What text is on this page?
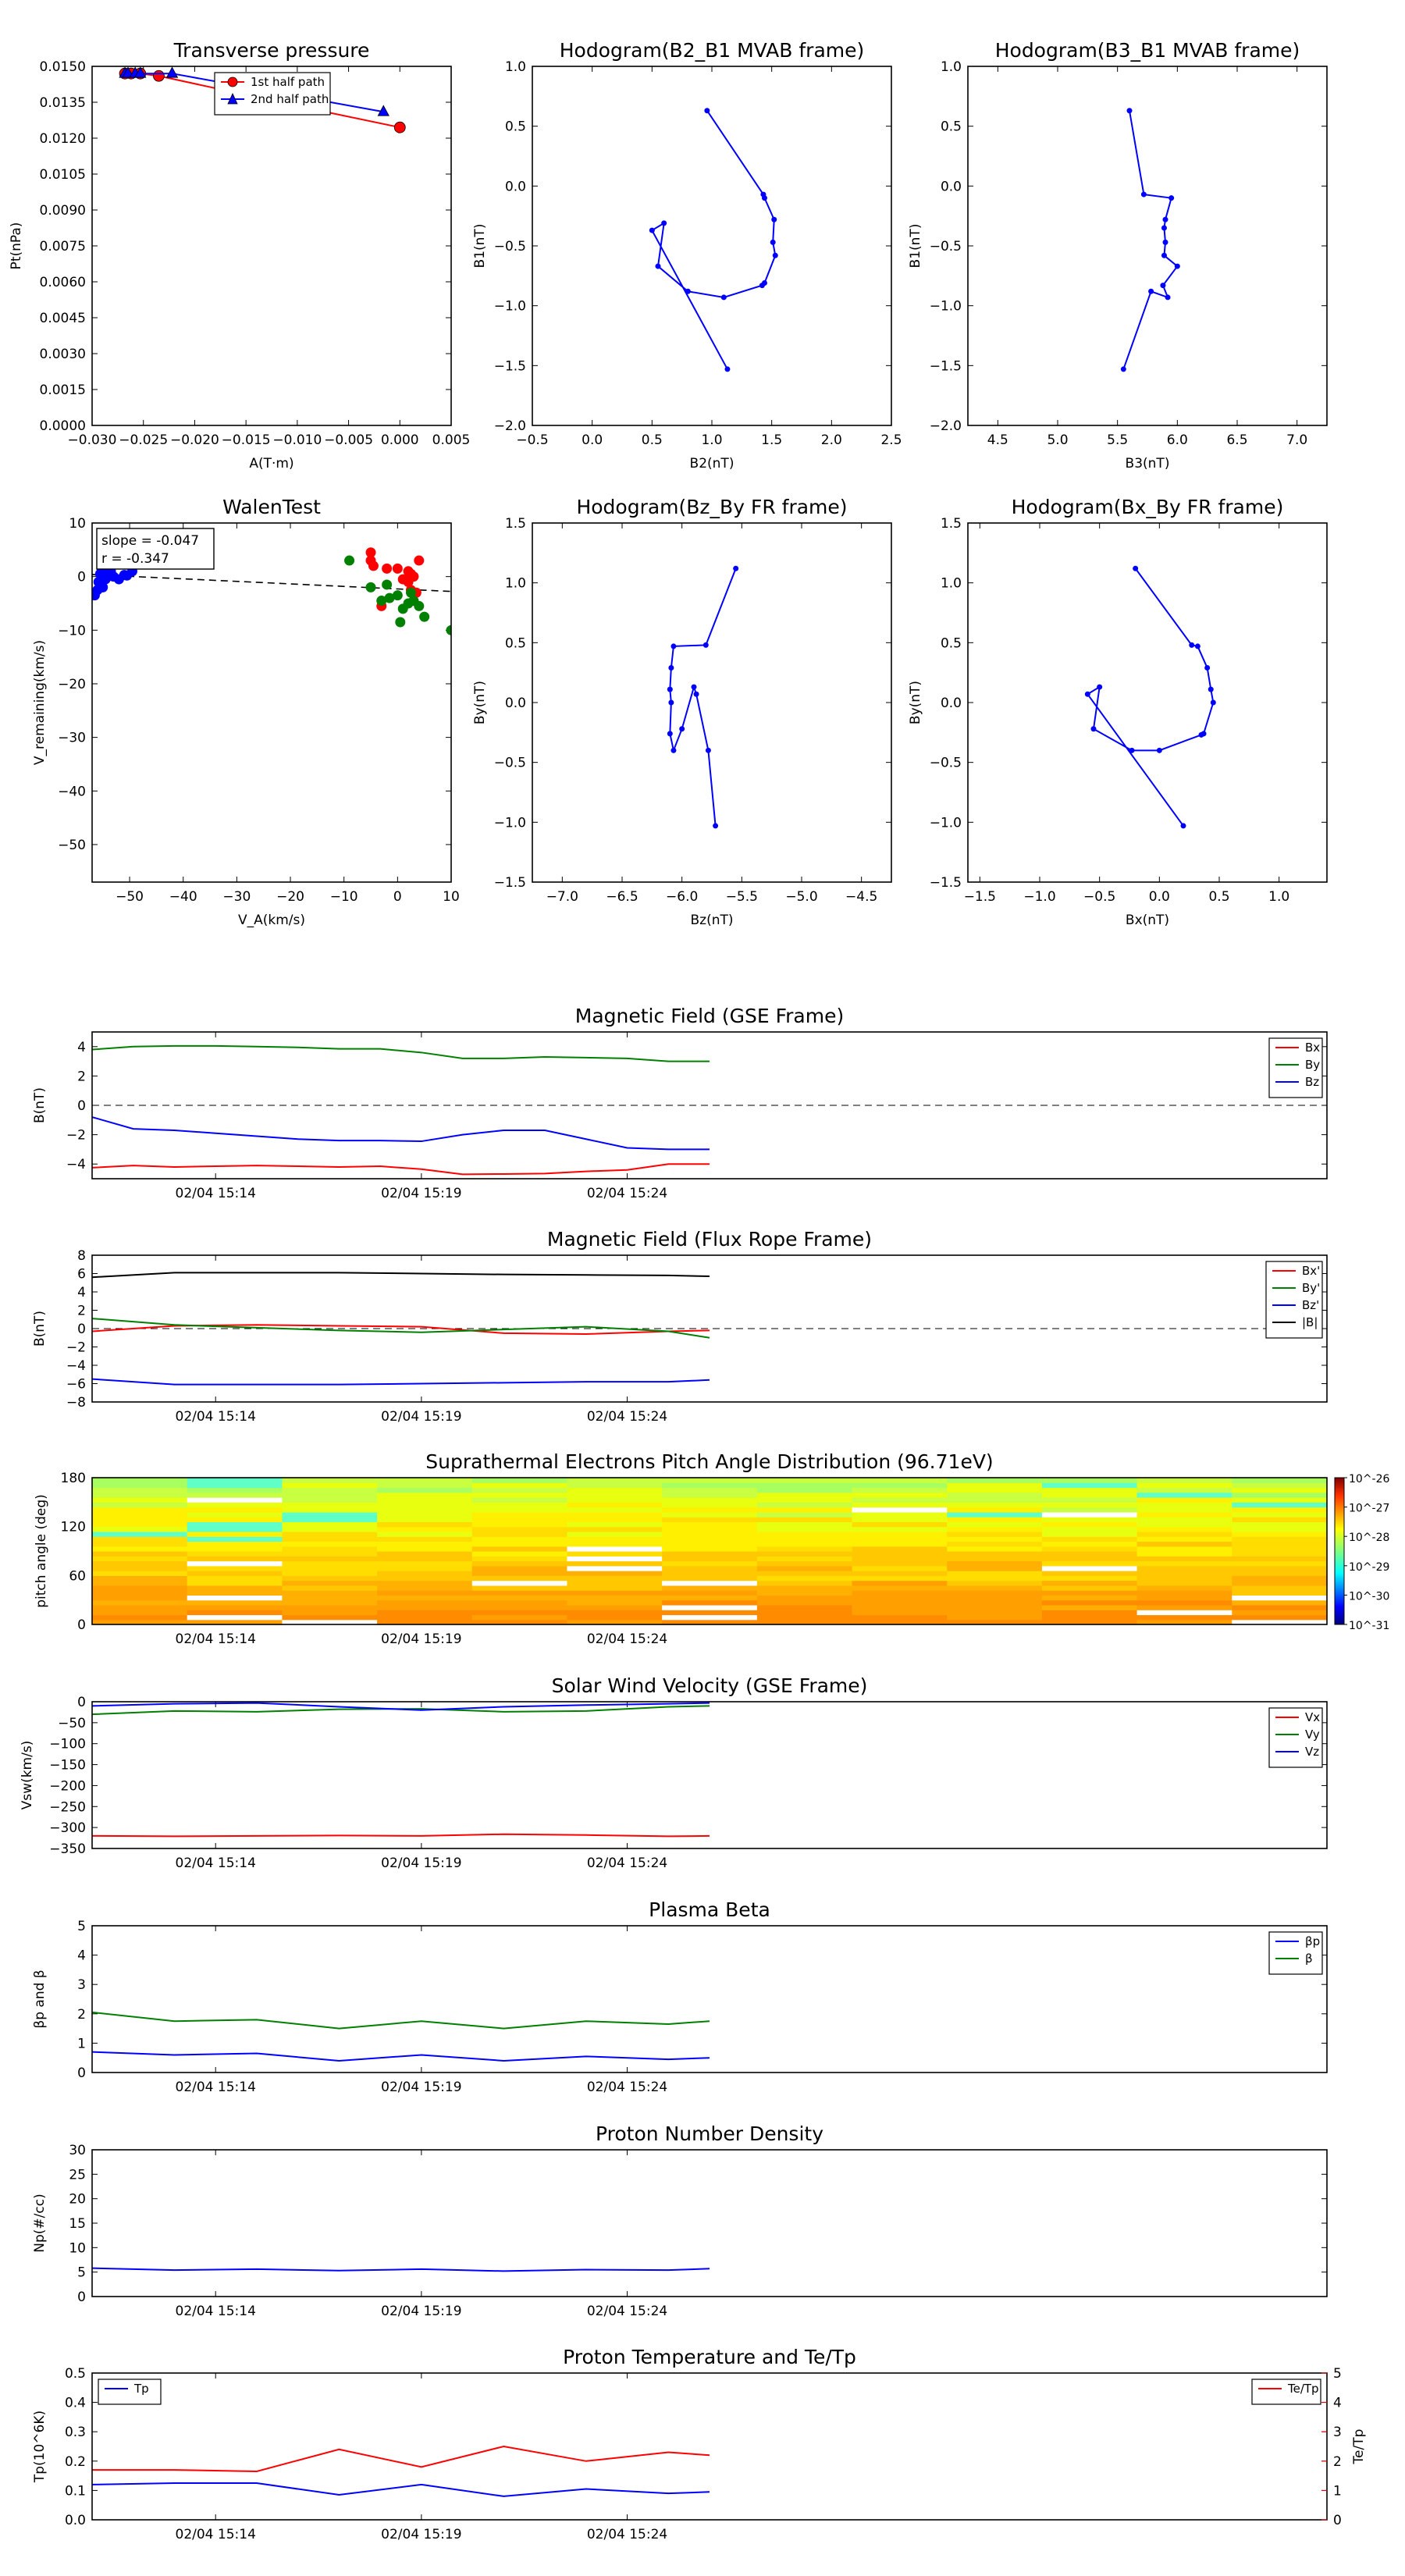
Transverse pressure
0.0000
0.0015
0.0030
0.0045
0.0060
0.0075
0.0090
0.0105
0.0120
0.0135
0.0150
−0.030 −0.025 −0.020 −0.015 −0.010 −0.005 0.000 0.005
A(T·m)
Pt(nPa)
1st half path
2nd half path
Hodogram(B2_B1 MVAB frame)
−2.0
−1.5
−1.0
−0.5
0.0
0.5
1.0
−0.5	0.0	0.5	1.0	1.5	2.0	2.5
B2(nT)
B1(nT)
Hodogram(B3_B1 MVAB frame)
−2.0
−1.5
−1.0
−0.5
0.0
0.5
1.0
4.5	5.0	5.5	6.0	6.5	7.0
B3(nT)
B1(nT)
WalenTest
−50
−40
−30
−20
−10
0
10
−50 −40 −30 −20 −10	0	10
V_A(km/s)
V_remaining(km/s)
slope = -0.047
r = -0.347
Hodogram(Bz_By FR frame)
−1.5
−1.0
−0.5
0.0
0.5
1.0
1.5
−7.0 −6.5 −6.0 −5.5 −5.0 −4.5
Bz(nT)
By(nT)
Hodogram(Bx_By FR frame)
−1.5
−1.0
−0.5
0.0
0.5
1.0
1.5
−1.5 −1.0 −0.5	0.0	0.5	1.0
Bx(nT)
By(nT)
Magnetic Field (GSE Frame)
−4
−2
0
2
4
02/04 15:14	02/04 15:19	02/04 15:24
B(nT)
Bx
By
Bz
Magnetic Field (Flux Rope Frame)
−8
−6
−4
−2
0
2
4
6
8
02/04 15:14	02/04 15:19	02/04 15:24
B(nT)
Bx'
By'
Bz'
|B|
Suprathermal Electrons Pitch Angle Distribution (96.71eV)
0
60
120
180
02/04 15:14	02/04 15:19	02/04 15:24
pitch angle (deg)
10^-26
10^-27
10^-28
10^-29
10^-30
10^-31
Solar Wind Velocity (GSE Frame)
−350
−300
−250
−200
−150
−100
−50
0
02/04 15:14	02/04 15:19	02/04 15:24
Vsw(km/s)
Vx
Vy
Vz
Plasma Beta
0
1
2
3
4
5
02/04 15:14	02/04 15:19	02/04 15:24
βp and β
βp
β
Proton Number Density
0
5
10
15
20
25
30
02/04 15:14	02/04 15:19	02/04 15:24
Np(#/cc)
Proton Temperature and Te/Tp
0.0
0.1
0.2
0.3
0.4
0.5
02/04 15:14	02/04 15:19	02/04 15:24
Tp(10^6K)
0
1
2
3
4
5
Te/Tp
Tp	Te/Tp
